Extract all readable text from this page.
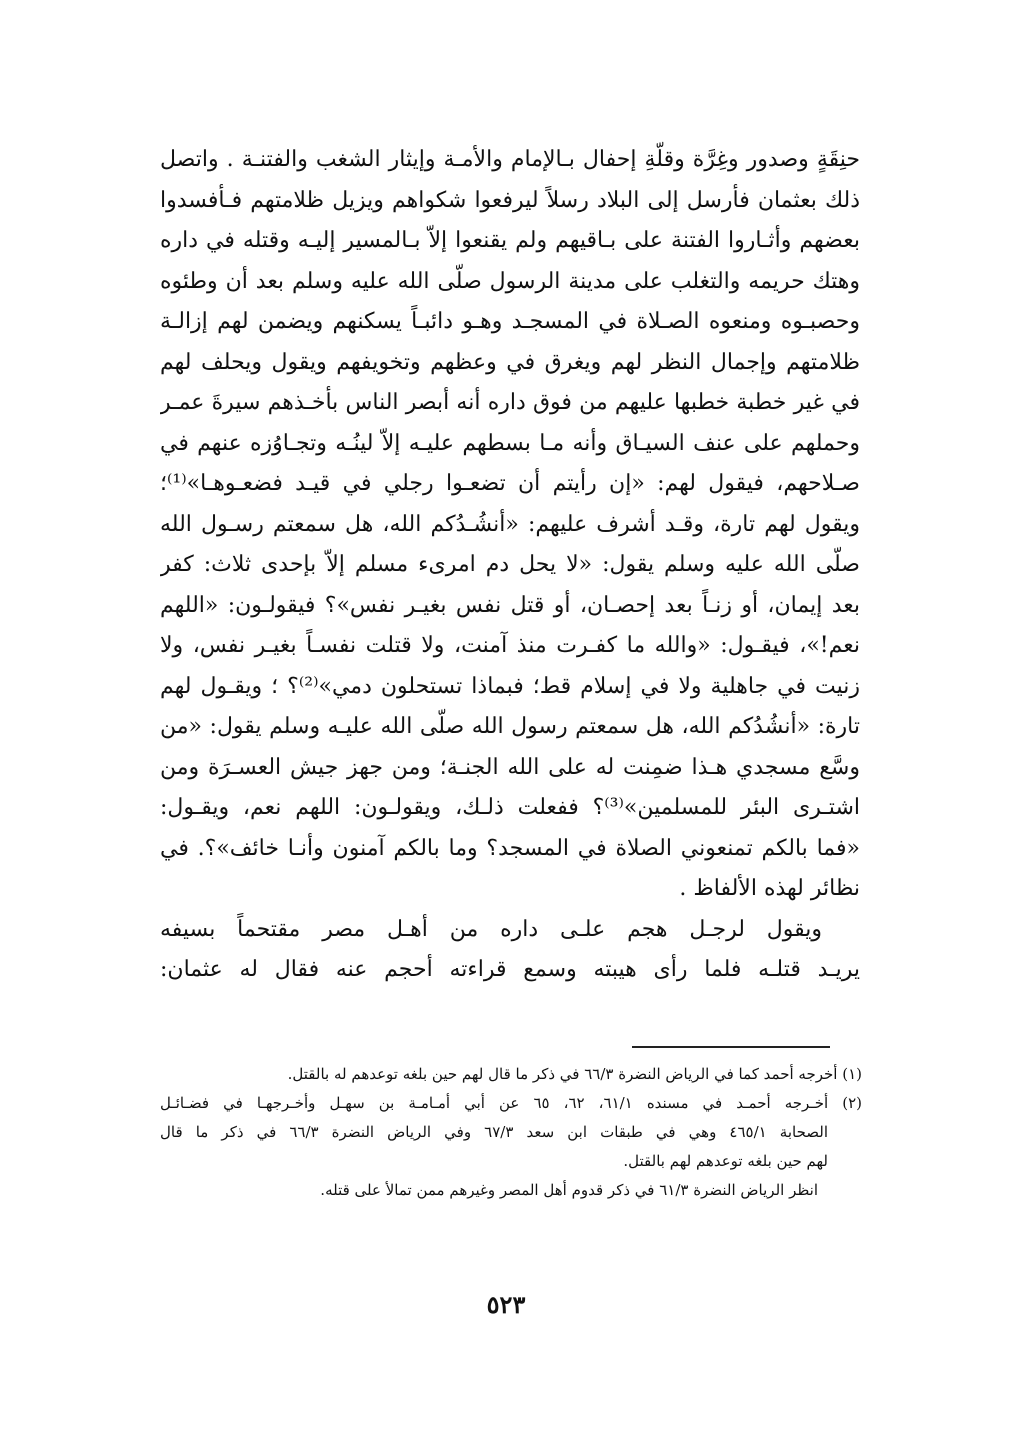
حنِقَةٍ وصدور وغِرَّة وقلّةِ إحفال بـالإمام والأمـة وإيثار الشغب والفتنـة . واتصل
ذلك بعثمان فأرسل إلى البلاد رسلاً ليرفعوا شكواهم ويزيل ظلامتهم فـأفسدوا
بعضهم وأثـاروا الفتنة على بـاقيهم ولم يقنعوا إلاّ بـالمسير إليـه وقتله في داره
وهتك حريمه والتغلب على مدينة الرسول صلّى الله عليه وسلم بعد أن وطئوه
وحصبـوه ومنعوه الصـلاة في المسجـد وهـو دائبـاً يسكنهم ويضمن لهم إزالـة
ظلامتهم وإجمال النظر لهم ويغرق في وعظهم وتخويفهم ويقول ويحلف لهم
في غير خطبة خطبها عليهم من فوق داره أنه أبصر الناس بأخـذهم سيرةَ عمـر
وحملهم على عنف السيـاق وأنه مـا بسطهم عليـه إلاّ لينُـه وتجـاوُزه عنهم في
صـلاحهم، فيقول لهم: «إن رأيتم أن تضعـوا رجلي في قيـد فضعـوهـا»⁽¹⁾؛
ويقول لهم تارة، وقـد أشرف عليهم: «أنشُـدُكم الله، هل سمعتم رسـول الله
صلّى الله عليه وسلم يقول: «لا يحل دم امرىء مسلم إلاّ بإحدى ثلاث: كفر
بعد إيمان، أو زنـاً بعد إحصـان، أو قتل نفس بغيـر نفس»؟ فيقولـون: «اللهم
نعم!»، فيقـول: «والله ما كفـرت منذ آمنت، ولا قتلت نفسـاً بغيـر نفس، ولا
زنيت في جاهلية ولا في إسلام قط؛ فبماذا تستحلون دمي»⁽²⁾؟ ؛ ويقـول لهم
تارة: «أنشُدُكم الله، هل سمعتم رسول الله صلّى الله عليـه وسلم يقول: «من
وسَّع مسجدي هـذا ضمِنت له على الله الجنـة؛ ومن جهز جيش العسـرَة ومن
اشتـرى البئر للمسلمين»⁽³⁾؟ ففعلت ذلـك، ويقولـون: اللهم نعم، ويقـول:
«فما بالكم تمنعوني الصلاة في المسجد؟ وما بالكم آمنون وأنـا خائف»؟. في
نظائر لهذه الألفاظ .
ويقول لرجـل هجم علـى داره من أهـل مصر مقتحماً بسيفه
يريـد قتلـه فلما رأى هيبته وسمع قراءته أحجم عنه فقال له عثمان:
(١) أخرجه أحمد كما في الرياض النضرة ٦٦/٣ في ذكر ما قال لهم حين بلغه توعدهم له بالقتل.
(٢) أخـرجه أحمـد في مسنده ٦١/١، ٦٢، ٦٥ عن أبي أمـامـة بن سهـل وأخـرجهـا في فضـائـل
الصحابة ٤٦٥/١ وهي في طبقات ابن سعد ٦٧/٣ وفي الرياض النضرة ٦٦/٣ في ذكر ما قال
لهم حين بلغه توعدهم لهم بالقتل.
انظر الرياض النضرة ٦١/٣ في ذكر قدوم أهل المصر وغيرهم ممن تمالأ على قتله.
٥٢٣
